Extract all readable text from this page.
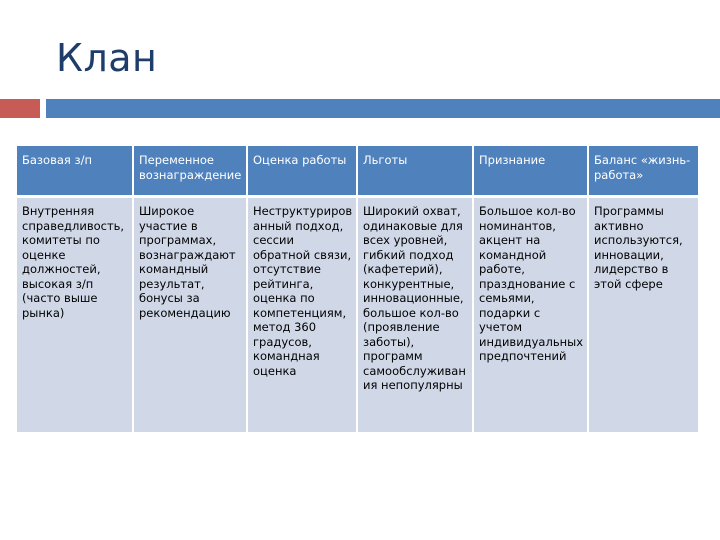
Клан
Базовая з/п	Переменное вознаграждение	Оценка работы	Льготы	Признание	Баланс «жизнь-работа»
Внутренняя справедливость, комитеты по оценке должностей, высокая з/п (часто выше рынка)	Широкое участие в программах, вознаграждают командный результат, бонусы за рекомендацию	Неструктурированный подход, сессии обратной связи, отсутствие рейтинга, оценка по компетенциям, метод 360 градусов, командная оценка	Широкий охват, одинаковые для всех уровней, гибкий подход (кафетерий), конкурентные, инновационные, большое кол-во (проявление заботы), программ самообслуживания непопулярны	Большое кол-во номинантов, акцент на командной работе, празднование с семьями, подарки с учетом индивидуальных предпочтений	Программы активно используются, инновации, лидерство в этой сфере
